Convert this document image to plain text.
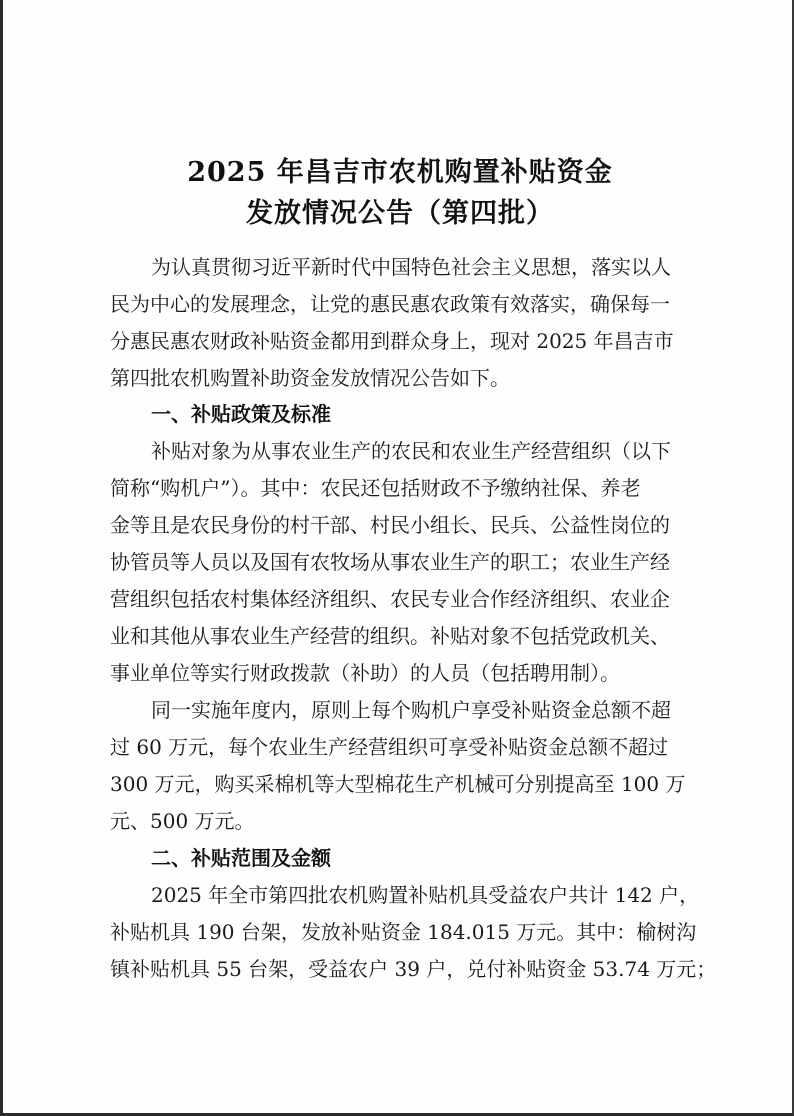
2025 年昌吉市农机购置补贴资金
发放情况公告（第四批）
为认真贯彻习近平新时代中国特色社会主义思想，落实以人
民为中心的发展理念，让党的惠民惠农政策有效落实，确保每一
分惠民惠农财政补贴资金都用到群众身上，现对 2025 年昌吉市
第四批农机购置补助资金发放情况公告如下。
一、补贴政策及标准
补贴对象为从事农业生产的农民和农业生产经营组织（以下
简称“购机户”）。其中：农民还包括财政不予缴纳社保、养老
金等且是农民身份的村干部、村民小组长、民兵、公益性岗位的
协管员等人员以及国有农牧场从事农业生产的职工；农业生产经
营组织包括农村集体经济组织、农民专业合作经济组织、农业企
业和其他从事农业生产经营的组织。补贴对象不包括党政机关、
事业单位等实行财政拨款（补助）的人员（包括聘用制）。
同一实施年度内，原则上每个购机户享受补贴资金总额不超
过 60 万元，每个农业生产经营组织可享受补贴资金总额不超过
300 万元，购买采棉机等大型棉花生产机械可分别提高至 100 万
元、500 万元。
二、补贴范围及金额
2025 年全市第四批农机购置补贴机具受益农户共计 142 户，
补贴机具 190 台架，发放补贴资金 184.015 万元。其中：榆树沟
镇补贴机具 55 台架，受益农户 39 户，兑付补贴资金 53.74 万元；
